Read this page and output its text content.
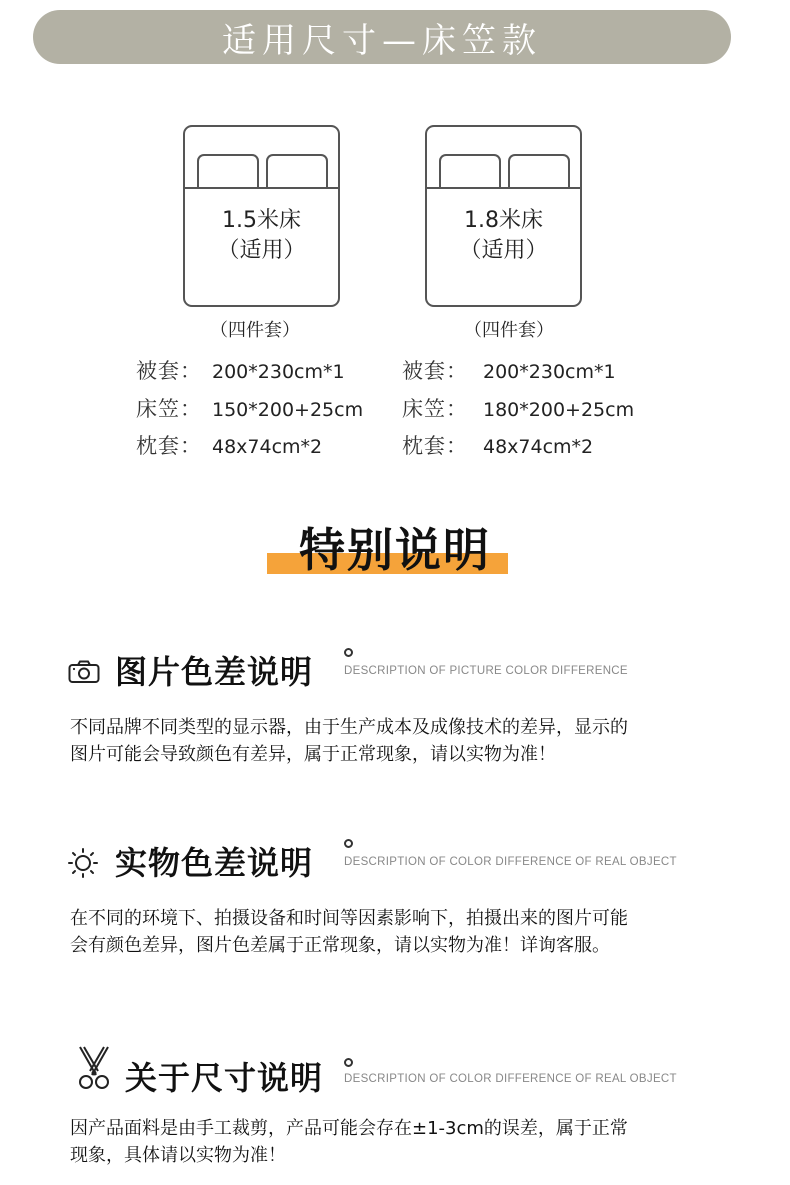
适用尺寸—床笠款
1.5米床
（适用）
1.8米床
（适用）
（四件套）	（四件套）
被套： 200*230cm*1
床笠： 150*200+25cm
枕套： 48x74cm*2
被套： 200*230cm*1
床笠： 180*200+25cm
枕套： 48x74cm*2
特别说明
图片色差说明	DESCRIPTION OF PICTURE COLOR DIFFERENCE
不同品牌不同类型的显示器，由于生产成本及成像技术的差异，显示的
图片可能会导致颜色有差异，属于正常现象，请以实物为准！
实物色差说明	DESCRIPTION OF COLOR DIFFERENCE OF REAL OBJECT
在不同的环境下、拍摄设备和时间等因素影响下，拍摄出来的图片可能
会有颜色差异，图片色差属于正常现象，请以实物为准！详询客服。
关于尺寸说明 DESCRIPTION OF COLOR DIFFERENCE OF REAL OBJECT
因产品面料是由手工裁剪，产品可能会存在±1-3cm的误差，属于正常
现象，具体请以实物为准！
